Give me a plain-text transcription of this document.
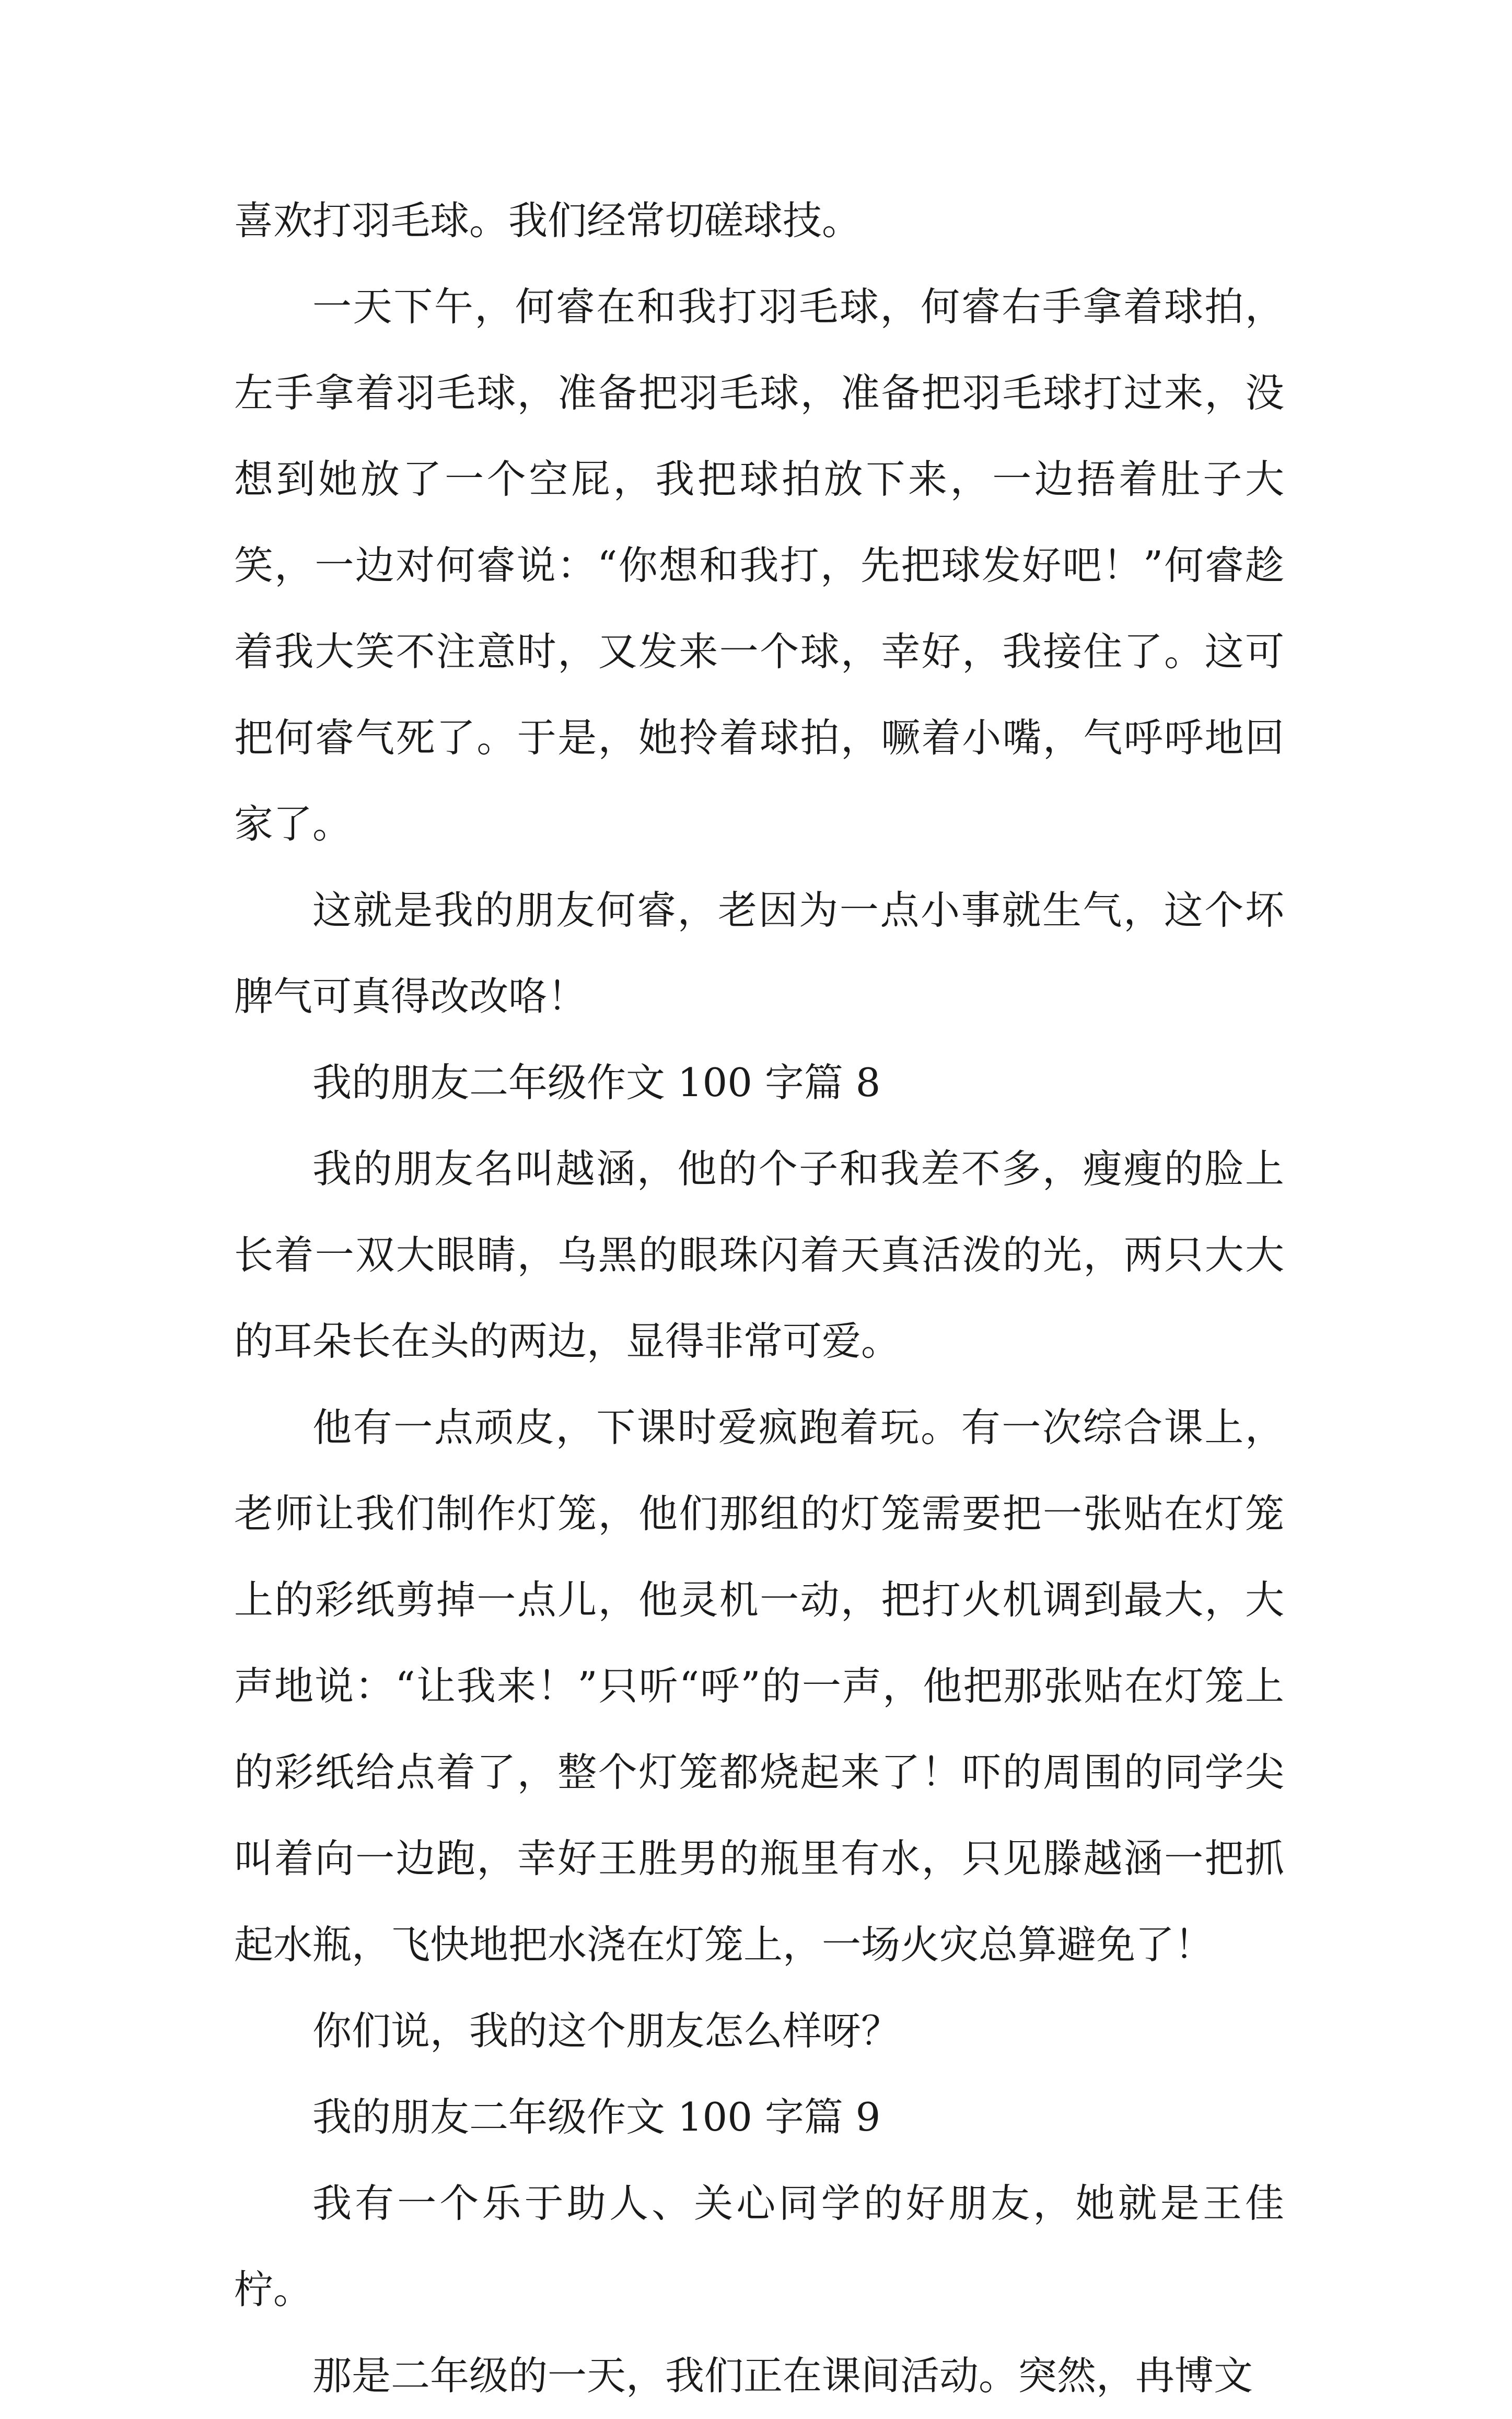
喜欢打羽毛球。我们经常切磋球技。

一天下午，何睿在和我打羽毛球，何睿右手拿着球拍，左手拿着羽毛球，准备把羽毛球，准备把羽毛球打过来，没想到她放了一个空屁，我把球拍放下来，一边捂着肚子大笑，一边对何睿说：“你想和我打，先把球发好吧！”何睿趁着我大笑不注意时，又发来一个球，幸好，我接住了。这可把何睿气死了。于是，她拎着球拍，噘着小嘴，气呼呼地回家了。

这就是我的朋友何睿，老因为一点小事就生气，这个坏脾气可真得改改咯！

我的朋友二年级作文 100 字篇 8

我的朋友名叫越涵，他的个子和我差不多，瘦瘦的脸上长着一双大眼睛，乌黑的眼珠闪着天真活泼的光，两只大大的耳朵长在头的两边，显得非常可爱。

他有一点顽皮，下课时爱疯跑着玩。有一次综合课上，老师让我们制作灯笼，他们那组的灯笼需要把一张贴在灯笼上的彩纸剪掉一点儿，他灵机一动，把打火机调到最大，大声地说：“让我来！”只听“呼”的一声，他把那张贴在灯笼上的彩纸给点着了，整个灯笼都烧起来了！吓的周围的同学尖叫着向一边跑，幸好王胜男的瓶里有水，只见滕越涵一把抓起水瓶，飞快地把水浇在灯笼上，一场火灾总算避免了！

你们说，我的这个朋友怎么样呀？

我的朋友二年级作文 100 字篇 9

我有一个乐于助人、关心同学的好朋友，她就是王佳柠。

那是二年级的一天，我们正在课间活动。突然，冉博文
